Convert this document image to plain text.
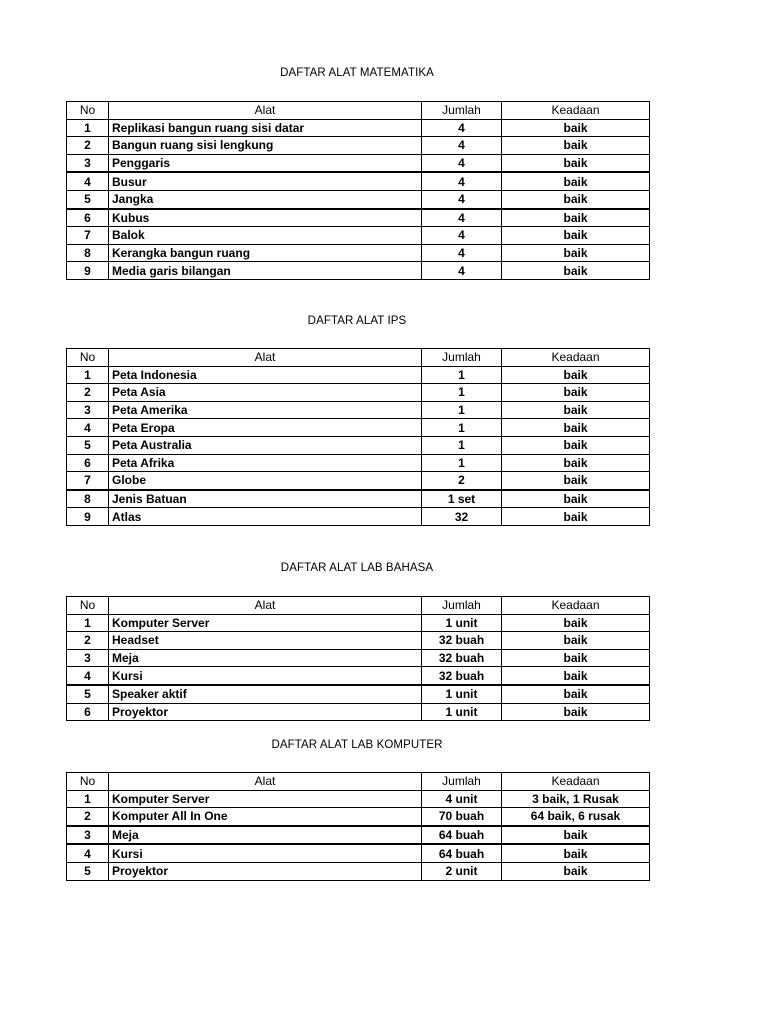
DAFTAR ALAT MATEMATIKA
No	Alat	Jumlah	Keadaan
1	Replikasi bangun ruang sisi datar	4	baik
2	Bangun ruang sisi lengkung	4	baik
3	Penggaris	4	baik
4	Busur	4	baik
5	Jangka	4	baik
6	Kubus	4	baik
7	Balok	4	baik
8	Kerangka bangun ruang	4	baik
9	Media garis bilangan	4	baik
DAFTAR ALAT IPS
No	Alat	Jumlah	Keadaan
1	Peta Indonesia	1	baik
2	Peta Asia	1	baik
3	Peta Amerika	1	baik
4	Peta Eropa	1	baik
5	Peta Australia	1	baik
6	Peta Afrika	1	baik
7	Globe	2	baik
8	Jenis Batuan	1 set	baik
9	Atlas	32	baik
DAFTAR ALAT LAB BAHASA
No	Alat	Jumlah	Keadaan
1	Komputer Server	1 unit	baik
2	Headset	32 buah	baik
3	Meja	32 buah	baik
4	Kursi	32 buah	baik
5	Speaker aktif	1 unit	baik
6	Proyektor	1 unit	baik
DAFTAR ALAT LAB KOMPUTER
No	Alat	Jumlah	Keadaan
1	Komputer Server	4 unit	3 baik, 1 Rusak
2	Komputer All In One	70 buah	64 baik, 6 rusak
3	Meja	64 buah	baik
4	Kursi	64 buah	baik
5	Proyektor	2 unit	baik
